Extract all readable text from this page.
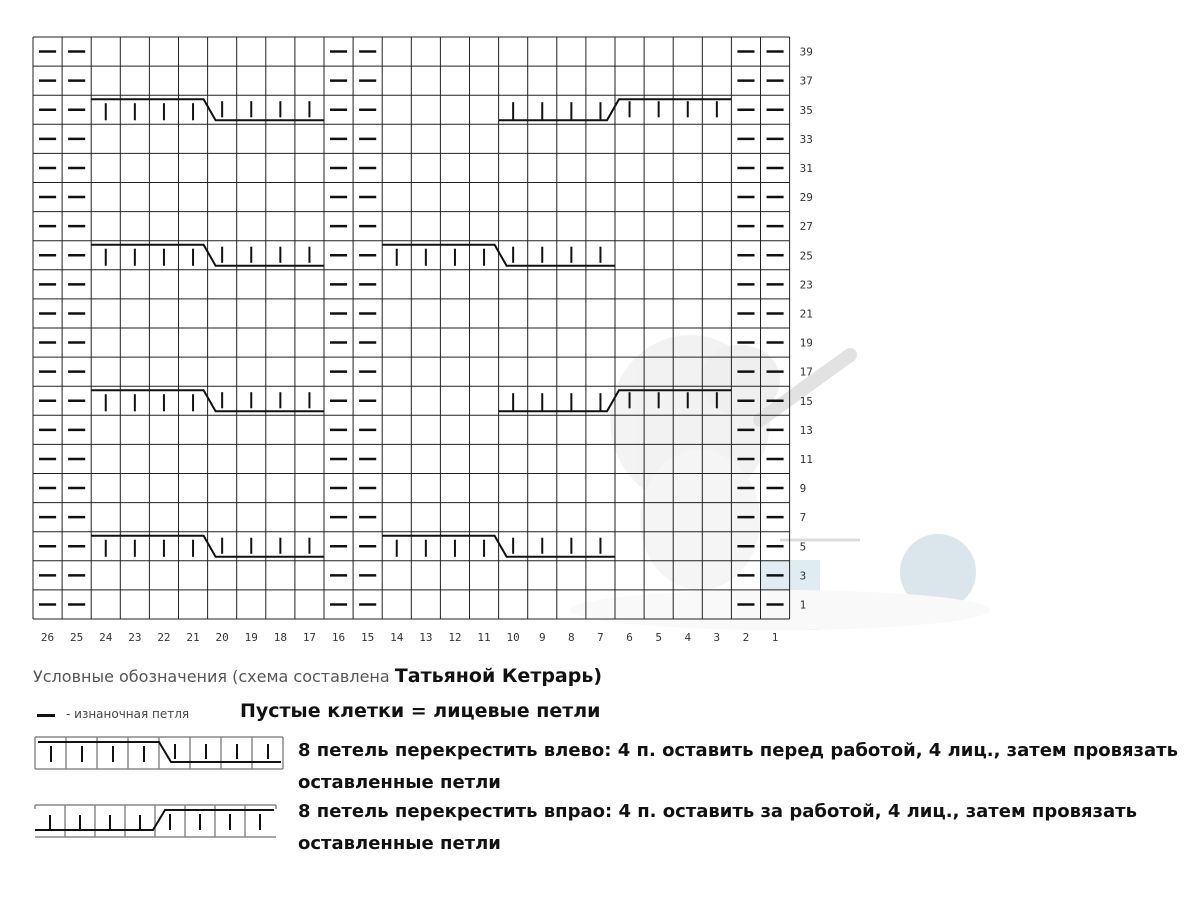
39
37
35
33
31
29
27
25
23
21
19
17
15
13
11
9
7
5
3
1
26 25 24 23 22 21 20 19 18 17 16 15 14 13 12 11 10 9 8 7 6 5 4 3 2 1
Условные обозначения (схема составлена Татьяной Кетрарь)
- изнаночная петля	Пустые клетки = лицевые петли
8 петель перекрестить влево: 4 п. оставить перед работой, 4 лиц., затем провязать оставленные петли
8 петель перекрестить впрао: 4 п. оставить за работой, 4 лиц., затем провязать оставленные петли
